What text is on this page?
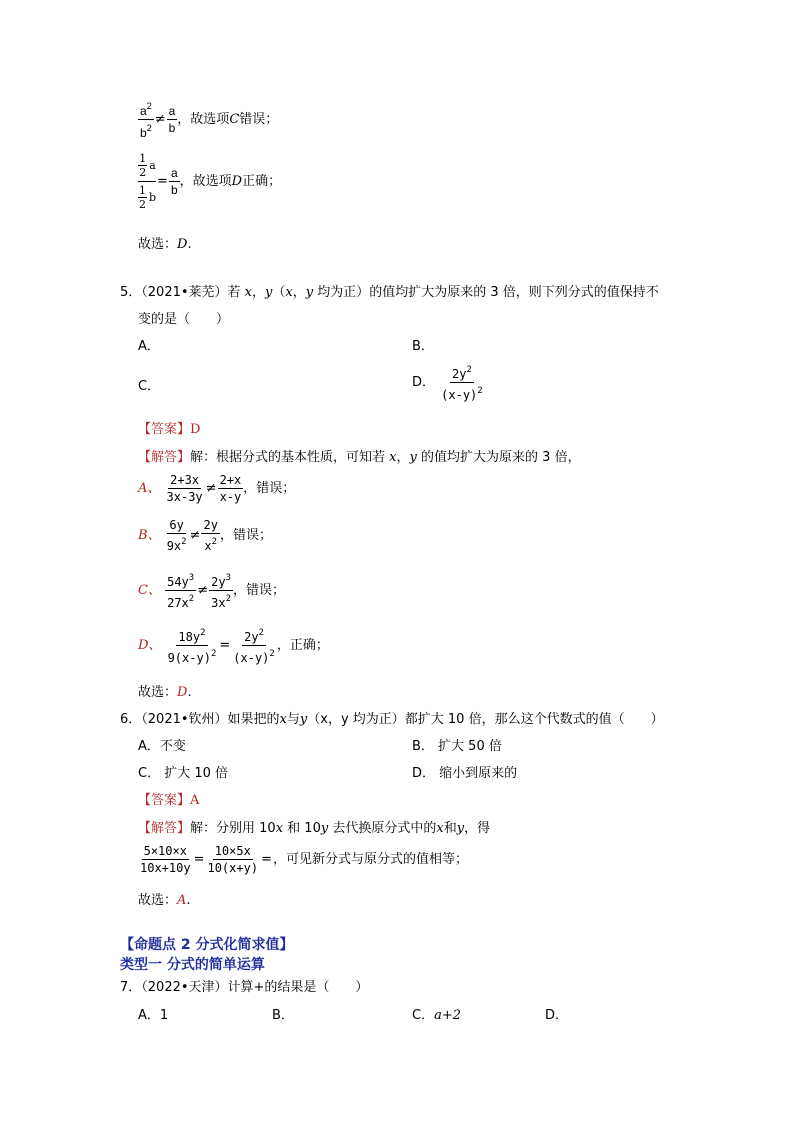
$\frac{a^2}{b^2} \ne \frac{a}{b}$ ，故选项C错误；
$\frac{\frac{1}{2} a}{\frac{1}{2} b} = \frac{a}{b}$ ，故选项D正确；
故选：D.
5．（2021•莱芜）若 x，y（x，y 均为正）的值均扩大为原来的 3 倍，则下列分式的值保持不
变的是（　　）
A．	B．
C．	D． $\frac{2y^2}{(x-y)^2}$
【答案】D
【解答】解：根据分式的基本性质，可知若 x，y 的值均扩大为原来的 3 倍，
A、 $\frac{2+3x}{3x-3y} \ne \frac{2+x}{x-y}$ ，错误；
B、 $\frac{6y}{9x^2} \ne \frac{2y}{x^2}$ ，错误；
C、 $\frac{54y^3}{27x^2} \ne \frac{2y^3}{3x^2}$ ，错误；
D、 $\frac{18y^2}{9(x-y)^2} = \frac{2y^2}{(x-y)^2}$ ，正确；
故选：D.
6．（2021•钦州）如果把的x与y（x，y 均为正）都扩大 10 倍，那么这个代数式的值（　　）
A．不变	B． 扩大 50 倍
C． 扩大 10 倍	D． 缩小到原来的
【答案】A
【解答】解：分别用 10x 和 10y 去代换原分式中的x和y，得
$\frac{5\times 10\times x}{10x+10y} = \frac{10\times 5x}{10(x+y)}$ =，可见新分式与原分式的值相等；
故选：A.
【命题点 2 分式化简求值】
类型一 分式的简单运算
7．（2022•天津）计算+的结果是（　　）
A．1	B．	C．a+2	D．
